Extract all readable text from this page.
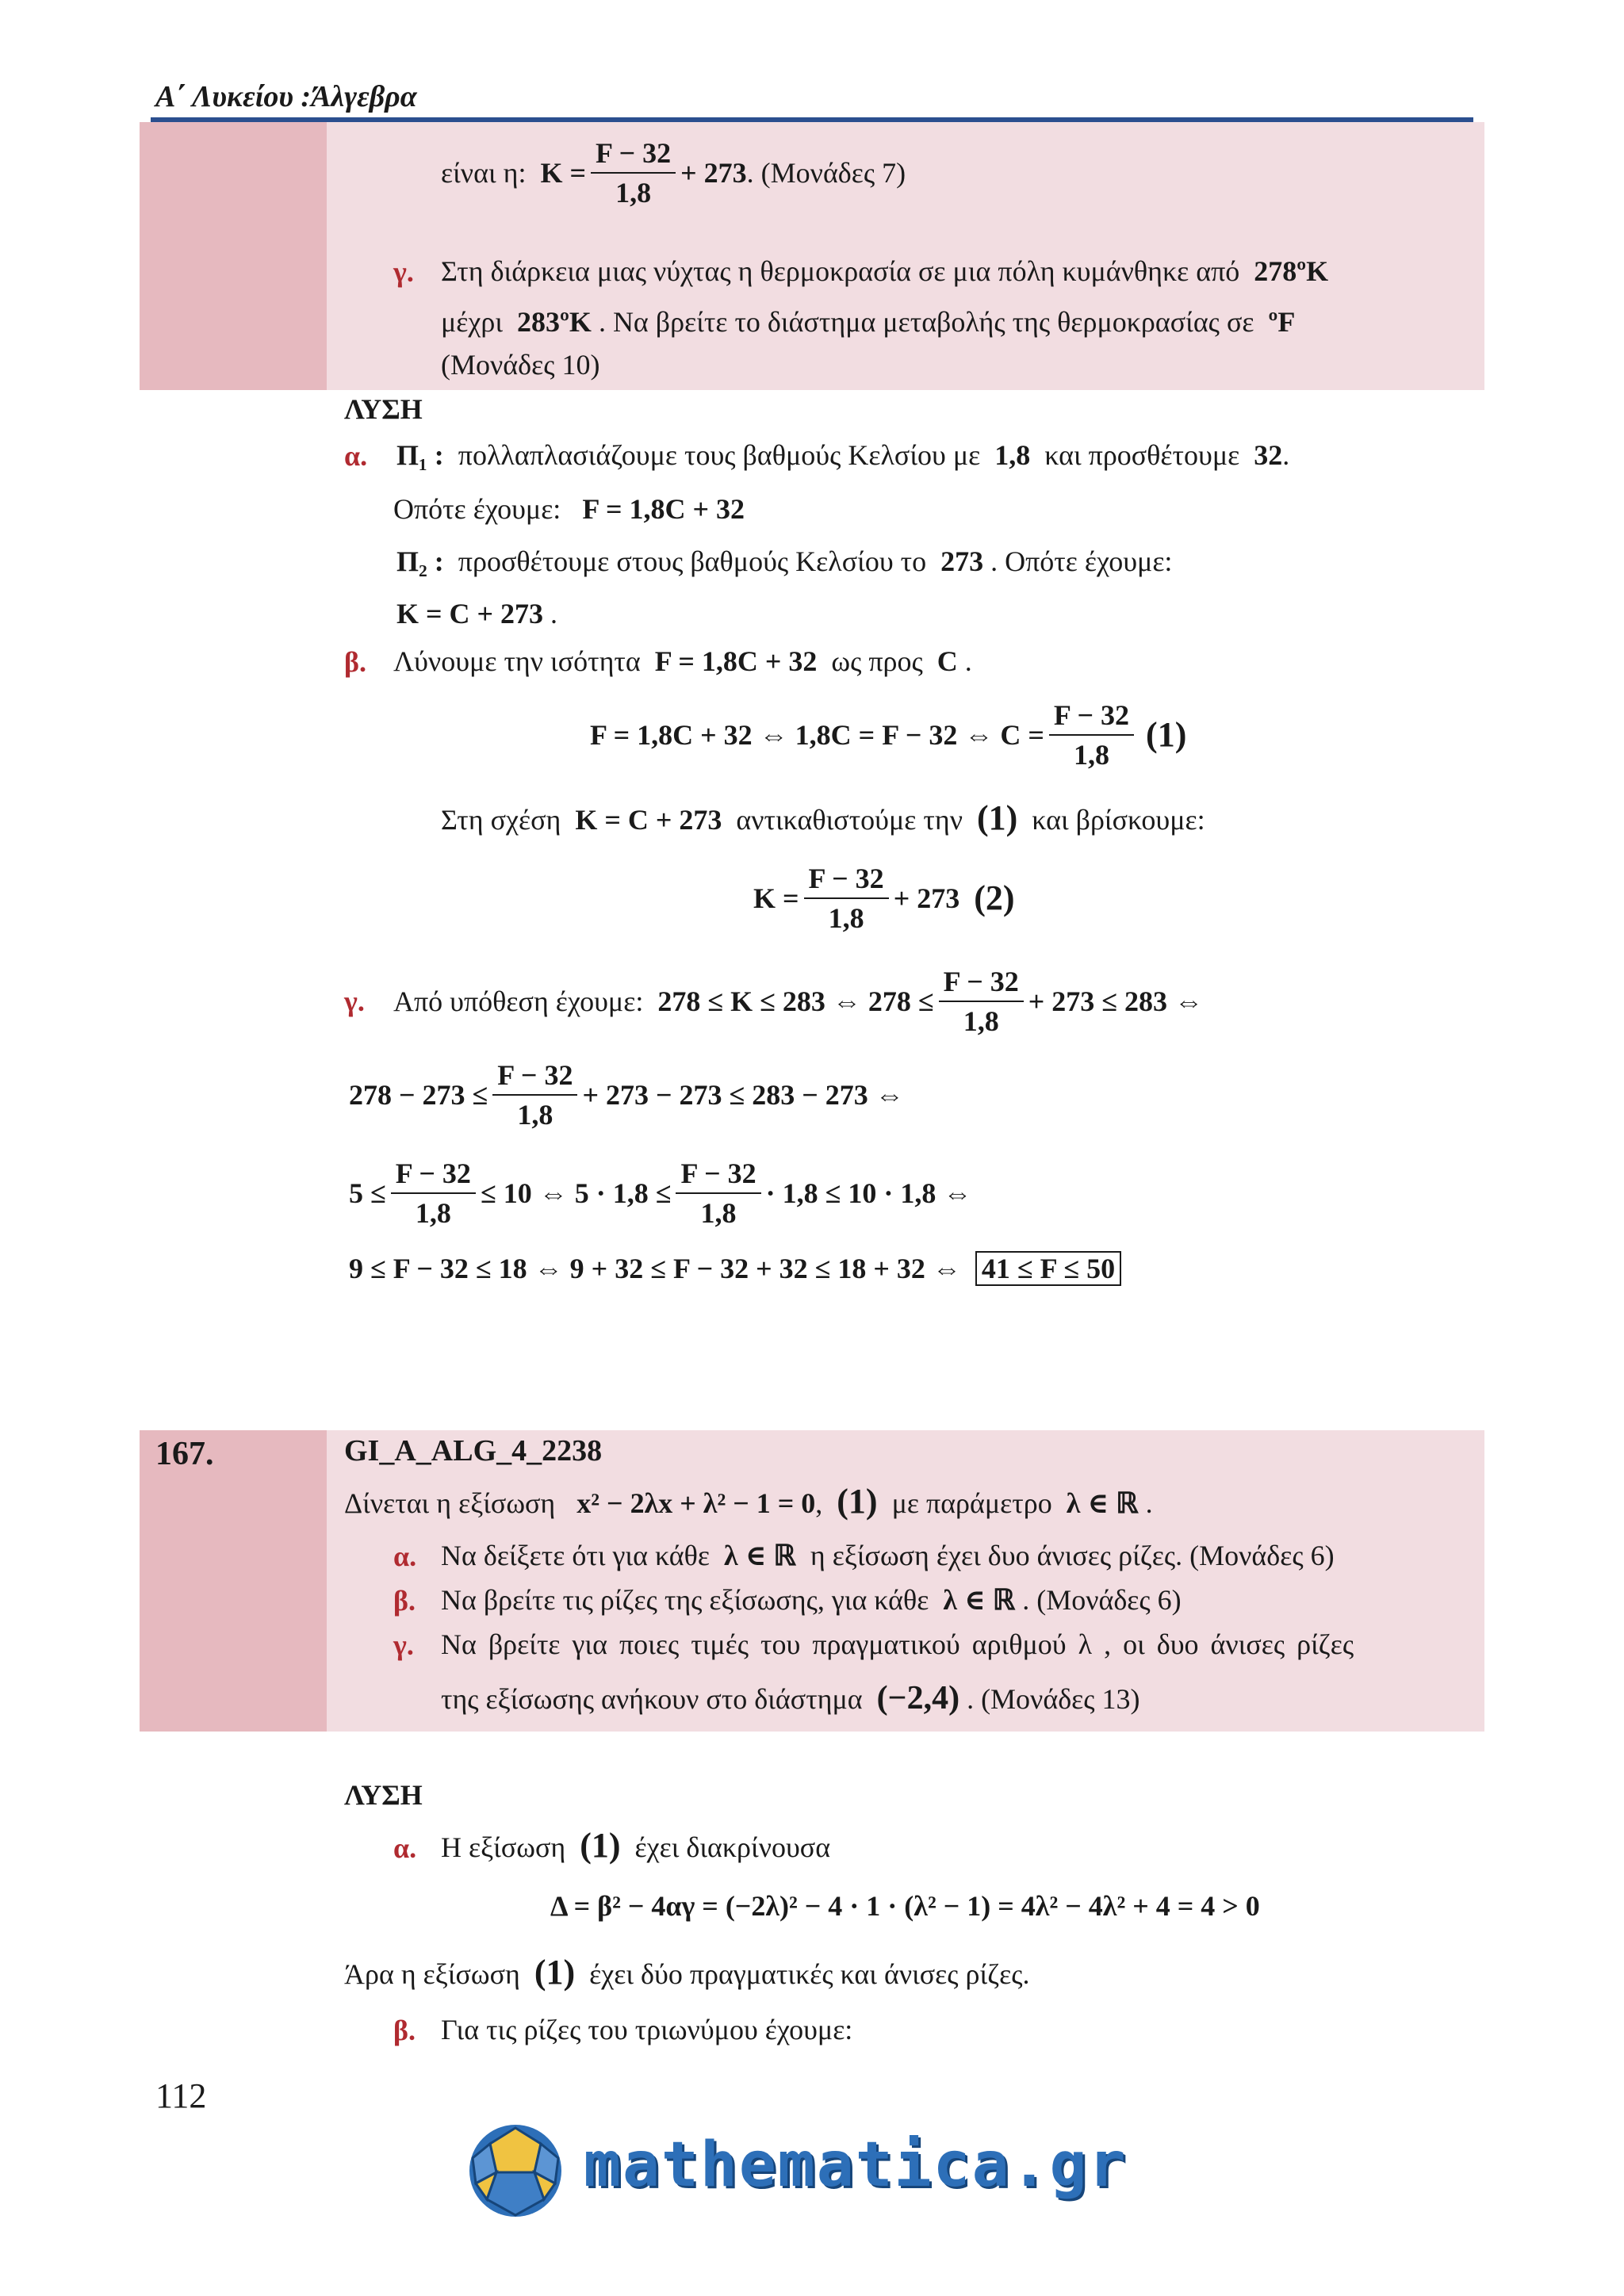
Α΄ Λυκείου :Άλγεβρα
είναι η:
$K = \frac{F - 32}{1,8} + 273$ . (Μονάδες 7)
γ. Στη διάρκεια μιας νύχτας η θερμοκρασία σε μια πόλη κυμάνθηκε από 278ºK
μέχρι 283ºK . Να βρείτε το διάστημα μεταβολής της θερμοκρασίας σε ºF
(Μονάδες 10)
ΛΥΣΗ
α. Π₁ : πολλαπλασιάζουμε τους βαθμούς Κελσίου με 1,8 και προσθέτουμε 32.
Οπότε έχουμε: F = 1,8C + 32
Π₂ : προσθέτουμε στους βαθμούς Κελσίου το 273 . Οπότε έχουμε:
K = C + 273 .
β. Λύνουμε την ισότητα F = 1,8C + 32 ως προς C .
F = 1,8C + 32 ⇔ 1,8C = F − 32 ⇔ $C = \frac{F - 32}{1,8}$
(1)
Στη σχέση K = C + 273 αντικαθιστούμε την (1) και βρίσκουμε:
$K = \frac{F - 32}{1,8} + 273$
(2)
γ. Από υπόθεση έχουμε:
278 ≤ K ≤ 283 ⇔ $278 \le \frac{F - 32}{1,8} + 273 \le 283$ ⇔
$278 - 273 \le \frac{F - 32}{1,8} + 273 - 273 \le 283 - 273$ ⇔
$5 \le \frac{F - 32}{1,8} \le 10$ ⇔ $5 \cdot 1,8 \le \frac{F - 32}{1,8} \cdot 1,8 \le 10 \cdot 1,8$ ⇔
9 ≤ F − 32 ≤ 18 ⇔ 9 + 32 ≤ F − 32 + 32 ≤ 18 + 32 ⇔ 41 ≤ F ≤ 50
167.	GI_A_ALG_4_2238
Δίνεται η εξίσωση x² − 2λx + λ² − 1 = 0,  (1) με παράμετρο λ ∈ ℝ .
α. Να δείξετε ότι για κάθε λ ∈ ℝ η εξίσωση έχει δυο άνισες ρίζες. (Μονάδες 6)
β. Να βρείτε τις ρίζες της εξίσωσης, για κάθε λ ∈ ℝ . (Μονάδες 6)
γ. Να βρείτε για ποιες τιμές του πραγματικού αριθμού λ , οι δυο άνισες ρίζες
της εξίσωσης ανήκουν στο διάστημα (−2,4) . (Μονάδες 13)
ΛΥΣΗ
α. Η εξίσωση (1) έχει διακρίνουσα
Δ = β² − 4αγ = (−2λ)² − 4 · 1 · (λ² − 1) = 4λ² − 4λ² + 4 = 4 > 0
Άρα η εξίσωση (1) έχει δύο πραγματικές και άνισες ρίζες.
β. Για τις ρίζες του τριωνύμου έχουμε:
112
mathematica.gr
